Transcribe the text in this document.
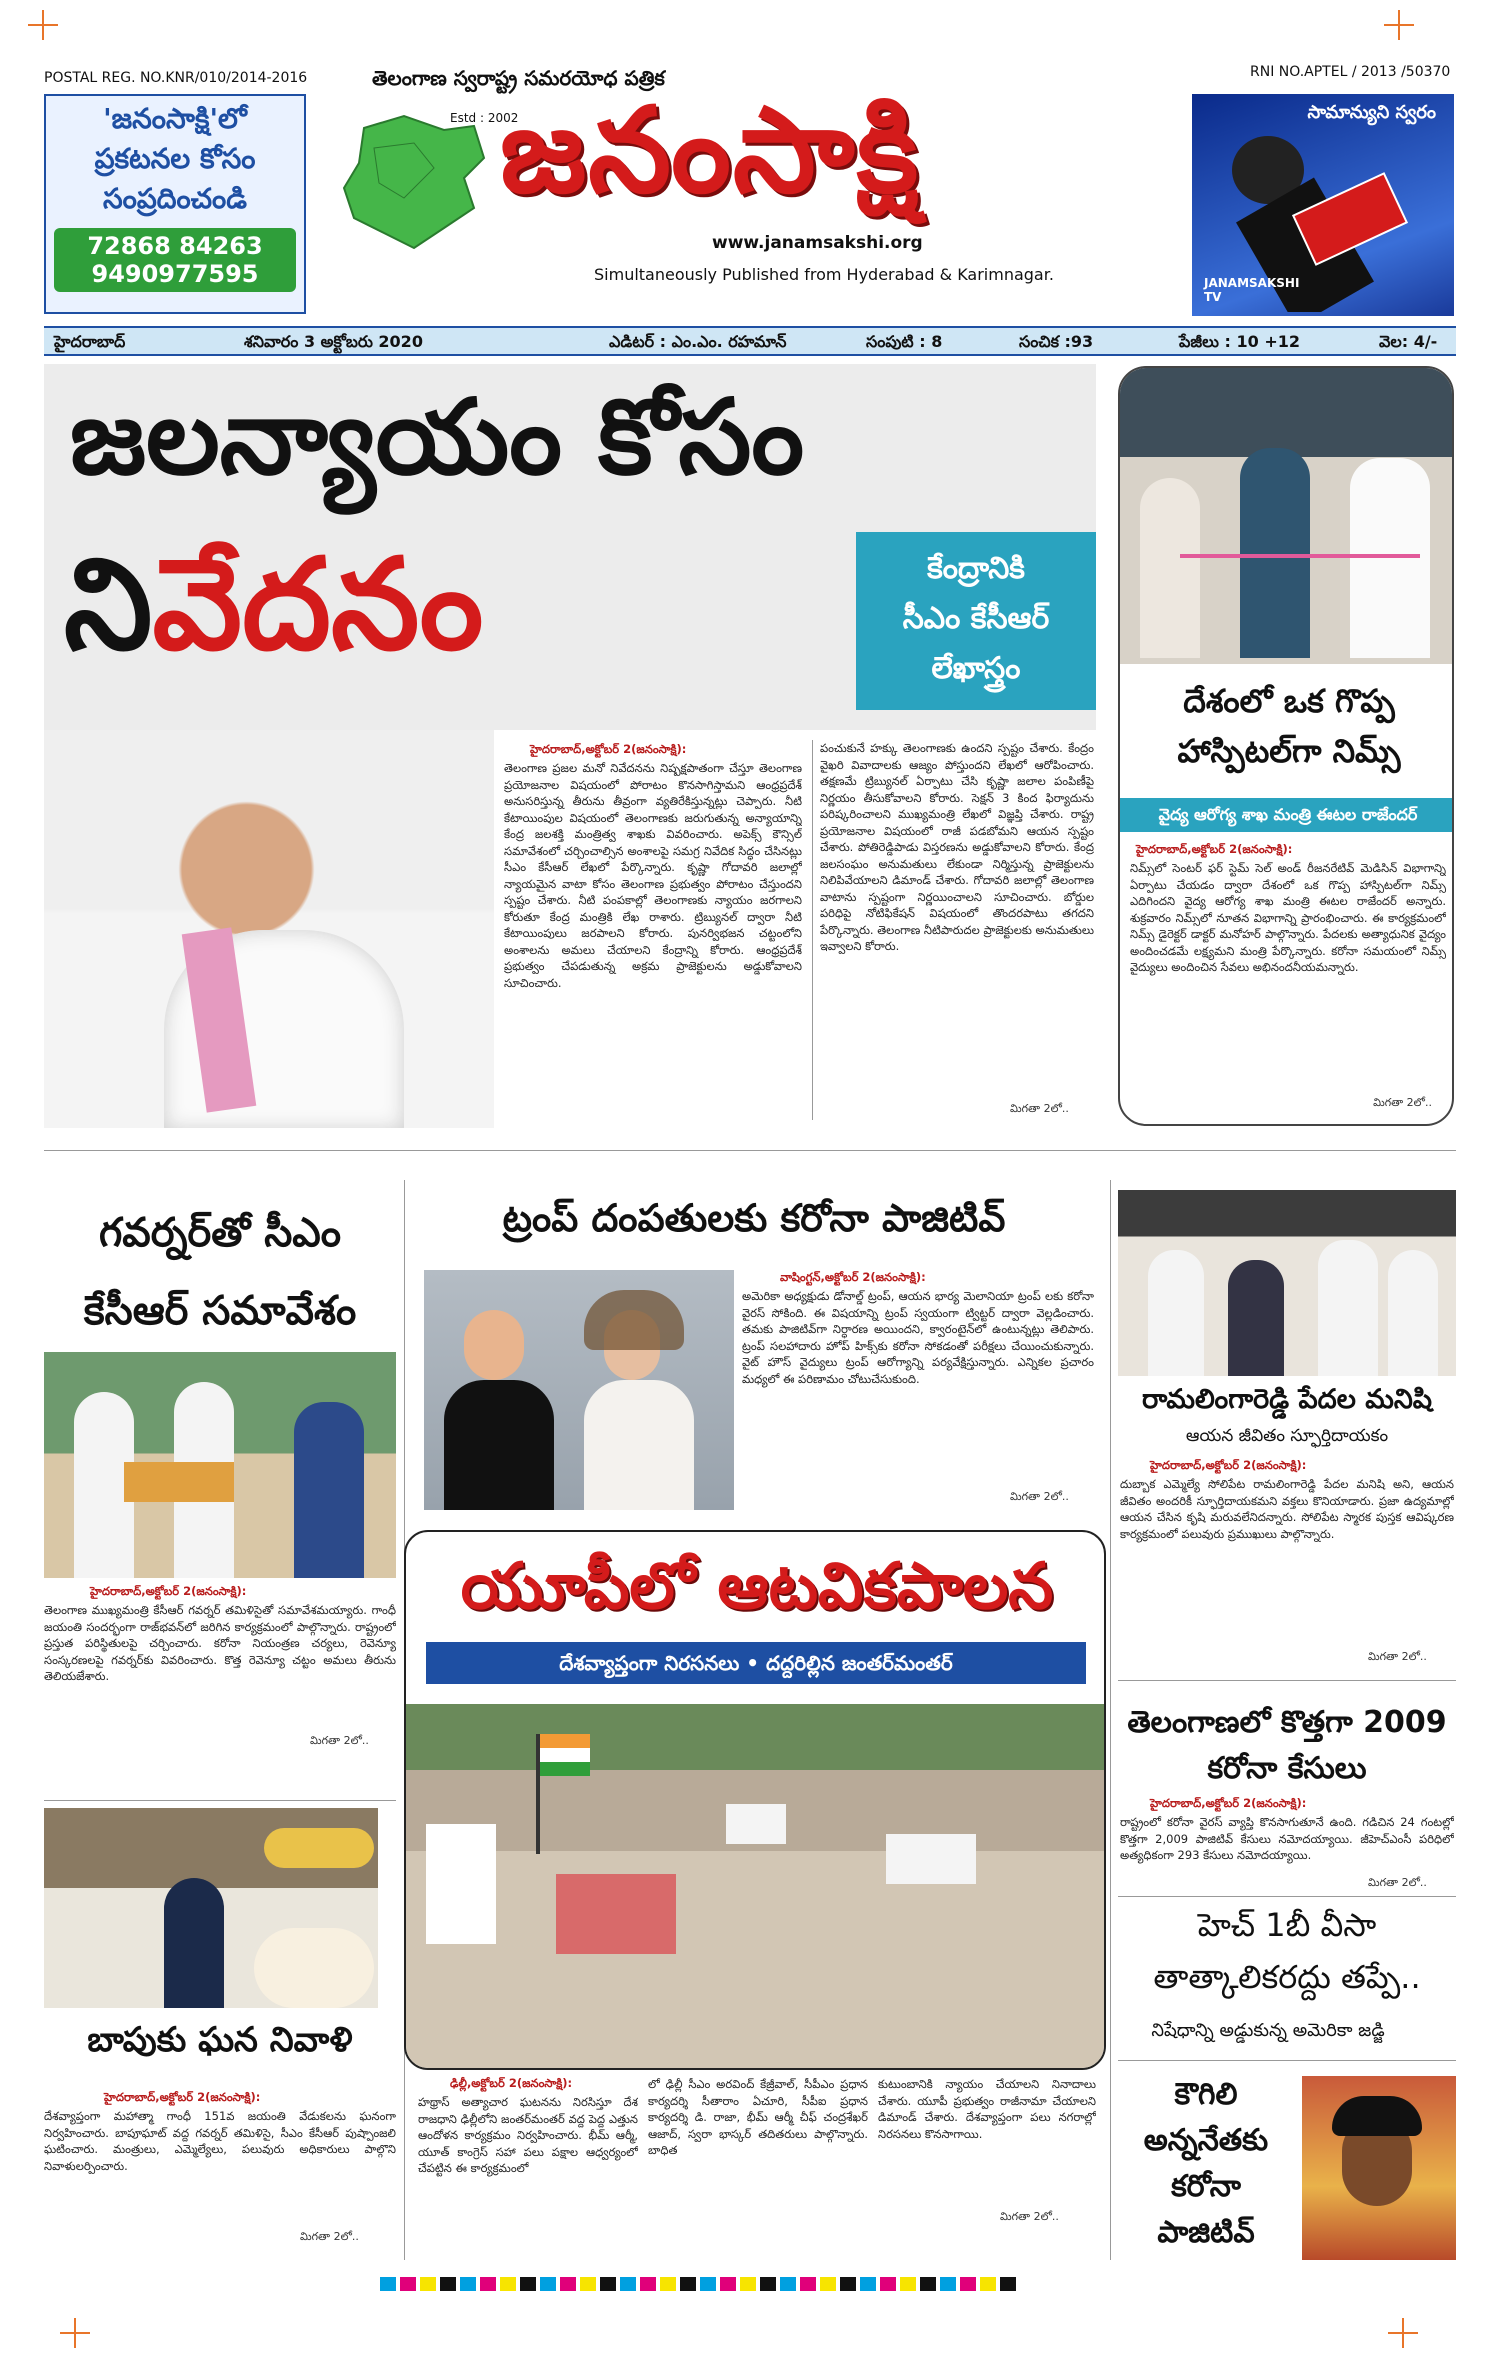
POSTAL REG. NO.KNR/010/2014-2016	తెలంగాణ స్వరాష్ట్ర సమరయోధ పత్రిక	RNI NO.APTEL / 2013 /50370
'జనంసాక్షి'లో
ప్రకటనల కోసం
సంప్రదించండి
72868 84263
9490977595
Estd : 2002
జనంసాక్షి
www.janamsakshi.org
Simultaneously Published from Hyderabad & Karimnagar.
సామాన్యుని స్వరం
JANAMSAKSHI TV
హైదరాబాద్	శనివారం 3 అక్టోబరు 2020	ఎడిటర్ : ఎం.ఎం. రహమాన్	సంపుటి : 8	సంచిక :93	పేజీలు : 10 +12	వెల: 4/-
జలన్యాయం కోసం
నివేదనం	కేంద్రానికి
సీఎం కేసీఆర్
లేఖాస్త్రం
హైదరాబాద్,అక్టోబర్ 2(జనంసాక్షి):
తెలంగాణ ప్రజల మనో నివేదనను నిష్పక్షపాతంగా చేస్తూ తెలంగాణ ప్రయోజనాల విషయంలో పోరాటం కొనసాగిస్తామని ఆంధ్రప్రదేశ్ అనుసరిస్తున్న తీరును తీవ్రంగా వ్యతిరేకిస్తున్నట్లు చెప్పారు. నీటి కేటాయింపుల విషయంలో తెలంగాణకు జరుగుతున్న అన్యాయాన్ని కేంద్ర జలశక్తి మంత్రిత్వ శాఖకు వివరించారు. అపెక్స్ కౌన్సిల్ సమావేశంలో చర్చించాల్సిన అంశాలపై సమగ్ర నివేదిక సిద్ధం చేసినట్లు సీఎం కేసీఆర్ లేఖలో పేర్కొన్నారు. కృష్ణా గోదావరి జలాల్లో న్యాయమైన వాటా కోసం తెలంగాణ ప్రభుత్వం పోరాటం చేస్తుందని స్పష్టం చేశారు. నీటి పంపకాల్లో తెలంగాణకు న్యాయం జరగాలని కోరుతూ కేంద్ర మంత్రికి లేఖ రాశారు. ట్రిబ్యునల్ ద్వారా నీటి కేటాయింపులు జరపాలని కోరారు. పునర్విభజన చట్టంలోని అంశాలను అమలు చేయాలని కేంద్రాన్ని కోరారు. ఆంధ్రప్రదేశ్ ప్రభుత్వం చేపడుతున్న అక్రమ ప్రాజెక్టులను అడ్డుకోవాలని సూచించారు.
పంచుకునే హక్కు తెలంగాణకు ఉందని స్పష్టం చేశారు. కేంద్రం వైఖరి వివాదాలకు ఆజ్యం పోస్తుందని లేఖలో ఆరోపించారు. తక్షణమే ట్రిబ్యునల్ ఏర్పాటు చేసి కృష్ణా జలాల పంపిణీపై నిర్ణయం తీసుకోవాలని కోరారు. సెక్షన్ 3 కింద ఫిర్యాదును పరిష్కరించాలని ముఖ్యమంత్రి లేఖలో విజ్ఞప్తి చేశారు. రాష్ట్ర ప్రయోజనాల విషయంలో రాజీ పడబోమని ఆయన స్పష్టం చేశారు. పోతిరెడ్డిపాడు విస్తరణను అడ్డుకోవాలని కోరారు. కేంద్ర జలసంఘం అనుమతులు లేకుండా నిర్మిస్తున్న ప్రాజెక్టులను నిలిపివేయాలని డిమాండ్ చేశారు. గోదావరి జలాల్లో తెలంగాణ వాటాను స్పష్టంగా నిర్ణయించాలని సూచించారు. బోర్డుల పరిధిపై నోటిఫికేషన్ విషయంలో తొందరపాటు తగదని పేర్కొన్నారు. తెలంగాణ నీటిపారుదల ప్రాజెక్టులకు అనుమతులు ఇవ్వాలని కోరారు.
దేశంలో ఒక గొప్ప హాస్పిటల్‌గా నిమ్స్
వైద్య ఆరోగ్య శాఖ మంత్రి ఈటల రాజేందర్
హైదరాబాద్,అక్టోబర్ 2(జనంసాక్షి):
నిమ్స్‌లో సెంటర్ ఫర్ స్టెమ్ సెల్ అండ్ రీజనరేటివ్ మెడిసిన్ విభాగాన్ని ఏర్పాటు చేయడం ద్వారా దేశంలో ఒక గొప్ప హాస్పిటల్‌గా నిమ్స్ ఎదిగిందని వైద్య ఆరోగ్య శాఖ మంత్రి ఈటల రాజేందర్ అన్నారు. శుక్రవారం నిమ్స్‌లో నూతన విభాగాన్ని ప్రారంభించారు. ఈ కార్యక్రమంలో నిమ్స్ డైరెక్టర్ డాక్టర్ మనోహర్ పాల్గొన్నారు. పేదలకు అత్యాధునిక వైద్యం అందించడమే లక్ష్యమని మంత్రి పేర్కొన్నారు. కరోనా సమయంలో నిమ్స్ వైద్యులు అందించిన సేవలు అభినందనీయమన్నారు.
మిగతా 2లో..
మిగతా 2లో..
గవర్నర్‌తో సీఎం కేసీఆర్ సమావేశం
హైదరాబాద్,అక్టోబర్ 2(జనంసాక్షి):
తెలంగాణ ముఖ్యమంత్రి కేసీఆర్ గవర్నర్ తమిళిసైతో సమావేశమయ్యారు. గాంధీ జయంతి సందర్భంగా రాజ్‌భవన్‌లో జరిగిన కార్యక్రమంలో పాల్గొన్నారు. రాష్ట్రంలో ప్రస్తుత పరిస్థితులపై చర్చించారు. కరోనా నియంత్రణ చర్యలు, రెవెన్యూ సంస్కరణలపై గవర్నర్‌కు వివరించారు. కొత్త రెవెన్యూ చట్టం అమలు తీరును తెలియజేశారు.
మిగతా 2లో..
బాపుకు ఘన నివాళి
హైదరాబాద్,అక్టోబర్ 2(జనంసాక్షి):
దేశవ్యాప్తంగా మహాత్మా గాంధీ 151వ జయంతి వేడుకలను ఘనంగా నిర్వహించారు. బాపూఘాట్ వద్ద గవర్నర్ తమిళిసై, సీఎం కేసీఆర్ పుష్పాంజలి ఘటించారు. మంత్రులు, ఎమ్మెల్యేలు, పలువురు అధికారులు పాల్గొని నివాళులర్పించారు.
మిగతా 2లో..
ట్రంప్ దంపతులకు కరోనా పాజిటివ్
వాషింగ్టన్,అక్టోబర్ 2(జనంసాక్షి):
అమెరికా అధ్యక్షుడు డోనాల్డ్ ట్రంప్, ఆయన భార్య మెలానియా ట్రంప్ లకు కరోనా వైరస్ సోకింది. ఈ విషయాన్ని ట్రంప్ స్వయంగా ట్విట్టర్ ద్వారా వెల్లడించారు. తమకు పాజిటివ్‌గా నిర్ధారణ అయిందని, క్వారంటైన్‌లో ఉంటున్నట్లు తెలిపారు. ట్రంప్ సలహాదారు హోప్ హిక్స్‌కు కరోనా సోకడంతో పరీక్షలు చేయించుకున్నారు. వైట్ హౌస్ వైద్యులు ట్రంప్ ఆరోగ్యాన్ని పర్యవేక్షిస్తున్నారు. ఎన్నికల ప్రచారం మధ్యలో ఈ పరిణామం చోటుచేసుకుంది.
మిగతా 2లో..
యూపీలో ఆటవికపాలన
దేశవ్యాప్తంగా నిరసనలు • దద్దరిల్లిన జంతర్‌మంతర్
ఢిల్లీ,అక్టోబర్ 2(జనంసాక్షి):
హథ్రాస్ అత్యాచార ఘటనను నిరసిస్తూ దేశ రాజధాని ఢిల్లీలోని జంతర్‌మంతర్ వద్ద పెద్ద ఎత్తున ఆందోళన కార్యక్రమం నిర్వహించారు. భీమ్ ఆర్మీ, యూత్ కాంగ్రెస్ సహా పలు పక్షాల ఆధ్వర్యంలో చేపట్టిన ఈ కార్యక్రమంలో
లో ఢిల్లీ సీఎం అరవింద్ కేజ్రీవాల్, సీపీఎం ప్రధాన కార్యదర్శి సీతారాం ఏచూరి, సీపీఐ ప్రధాన కార్యదర్శి డి. రాజా, భీమ్ ఆర్మీ చీఫ్ చంద్రశేఖర్ ఆజాద్, స్వరా భాస్కర్ తదితరులు పాల్గొన్నారు. బాధిత
కుటుంబానికి న్యాయం చేయాలని నినాదాలు చేశారు. యూపీ ప్రభుత్వం రాజీనామా చేయాలని డిమాండ్ చేశారు. దేశవ్యాప్తంగా పలు నగరాల్లో నిరసనలు కొనసాగాయి.
మిగతా 2లో..
రామలింగారెడ్డి పేదల మనిషి
ఆయన జీవితం స్ఫూర్తిదాయకం
హైదరాబాద్,అక్టోబర్ 2(జనంసాక్షి):
దుబ్బాక ఎమ్మెల్యే సోలిపేట రామలింగారెడ్డి పేదల మనిషి అని, ఆయన జీవితం అందరికీ స్ఫూర్తిదాయకమని వక్తలు కొనియాడారు. ప్రజా ఉద్యమాల్లో ఆయన చేసిన కృషి మరువలేనిదన్నారు. సోలిపేట స్మారక పుస్తక ఆవిష్కరణ కార్యక్రమంలో పలువురు ప్రముఖులు పాల్గొన్నారు.
మిగతా 2లో..
తెలంగాణలో కొత్తగా 2009 కరోనా కేసులు
హైదరాబాద్,అక్టోబర్ 2(జనంసాక్షి):
రాష్ట్రంలో కరోనా వైరస్ వ్యాప్తి కొనసాగుతూనే ఉంది. గడిచిన 24 గంటల్లో కొత్తగా 2,009 పాజిటివ్ కేసులు నమోదయ్యాయి. జీహెచ్ఎంసీ పరిధిలో అత్యధికంగా 293 కేసులు నమోదయ్యాయి.
మిగతా 2లో..
హెచ్ 1బీ వీసా
తాత్కాలికరద్దు తప్పే..
నిషేధాన్ని అడ్డుకున్న అమెరికా జడ్జి
కౌగిలి
అన్ననేతకు
కరోనా
పాజిటివ్
